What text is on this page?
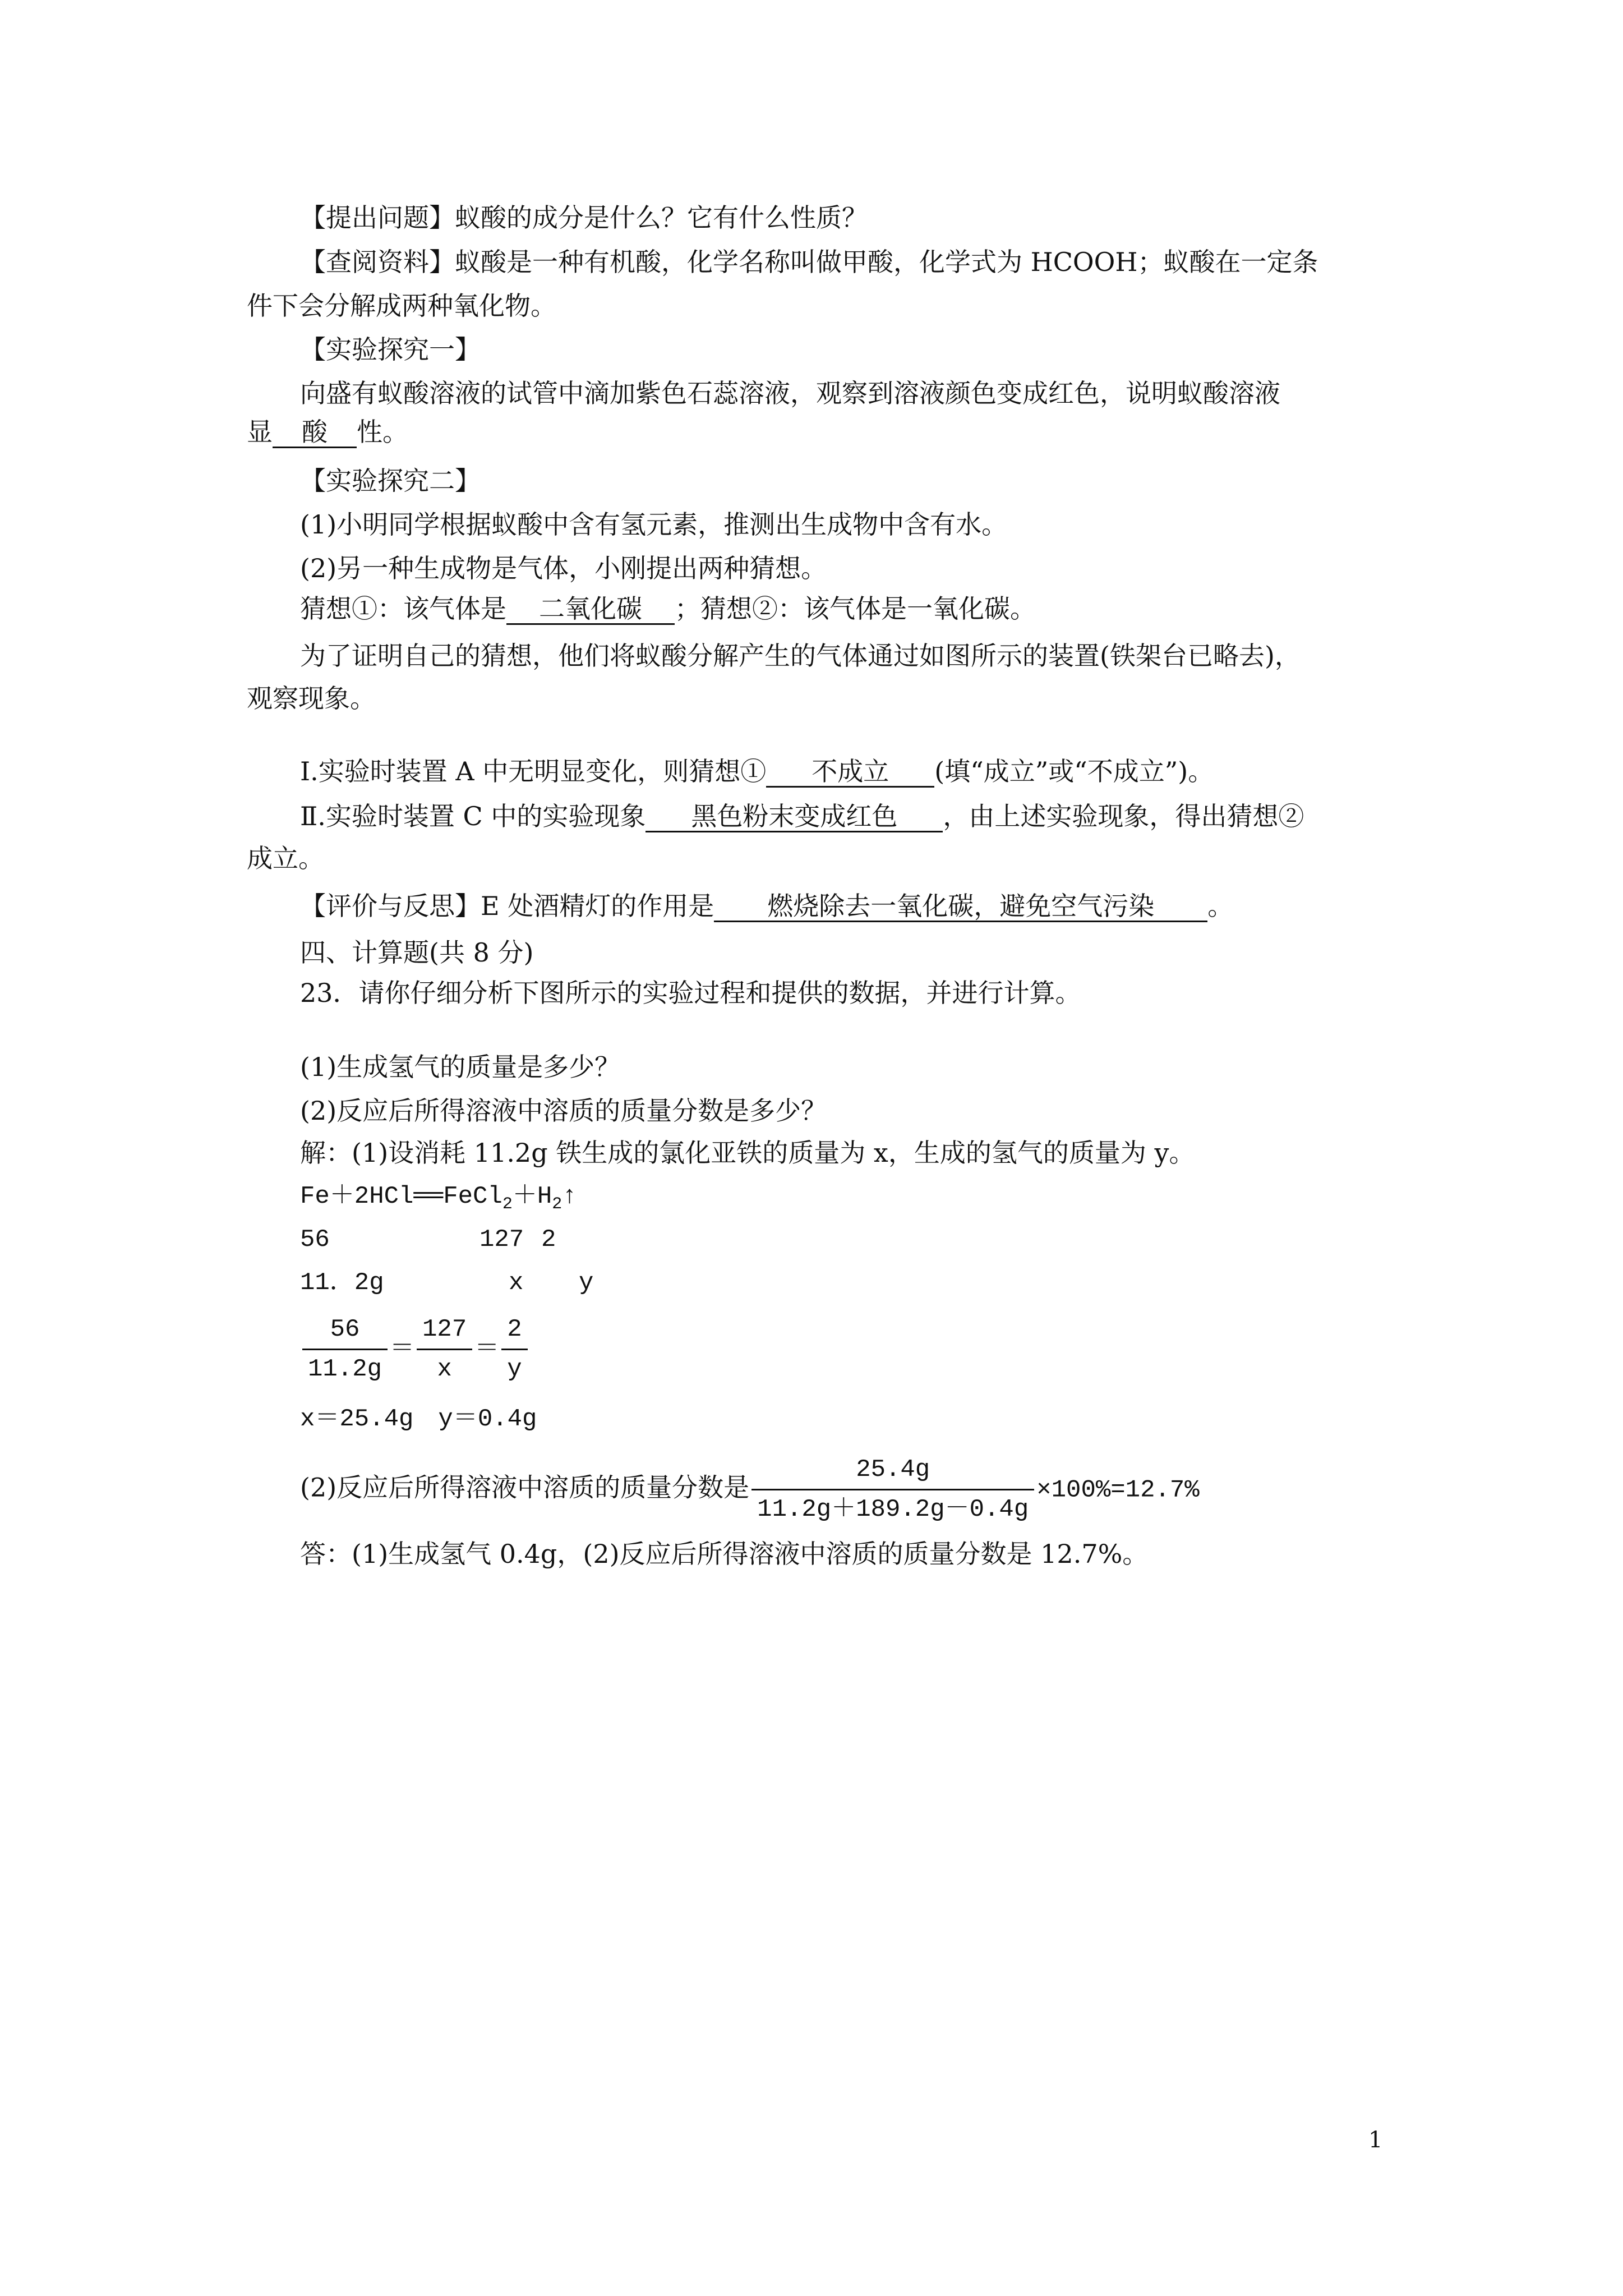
【提出问题】蚁酸的成分是什么？它有什么性质？
【查阅资料】蚁酸是一种有机酸，化学名称叫做甲酸，化学式为 HCOOH；蚁酸在一定条
件下会分解成两种氧化物。
【实验探究一】
向盛有蚁酸溶液的试管中滴加紫色石蕊溶液，观察到溶液颜色变成红色，说明蚁酸溶液
显 酸 性。
【实验探究二】
(1)小明同学根据蚁酸中含有氢元素，推测出生成物中含有水。
(2)另一种生成物是气体，小刚提出两种猜想。
猜想①：该气体是 二氧化碳 ；猜想②：该气体是一氧化碳。
为了证明自己的猜想，他们将蚁酸分解产生的气体通过如图所示的装置(铁架台已略去)，
观察现象。
Ⅰ.实验时装置 A 中无明显变化，则猜想① 不成立 (填“成立”或“不成立”)。
Ⅱ.实验时装置 C 中的实验现象 黑色粉末变成红色 ，由上述实验现象，得出猜想②
成立。
【评价与反思】E 处酒精灯的作用是 燃烧除去一氧化碳，避免空气污染 。
四、计算题(共 8 分)
23．请你仔细分析下图所示的实验过程和提供的数据，并进行计算。
(1)生成氢气的质量是多少？
(2)反应后所得溶液中溶质的质量分数是多少？
解：(1)设消耗 11.2g 铁生成的氯化亚铁的质量为 x，生成的氢气的质量为 y。
$Fe+2HCl══FeCl_2+H_2↑$
56	127 2
11．2g	x y
$\frac{56}{11.2g} = \frac{127}{x} = \frac{2}{y}$
x＝25.4g　y＝0.4g
(2)反应后所得溶液中溶质的质量分数是 $\frac{25.4g}{11.2g+189.2g-0.4g} \times 100\%=12.7\%$
答：(1)生成氢气 0.4g，(2)反应后所得溶液中溶质的质量分数是 12.7%。
1
